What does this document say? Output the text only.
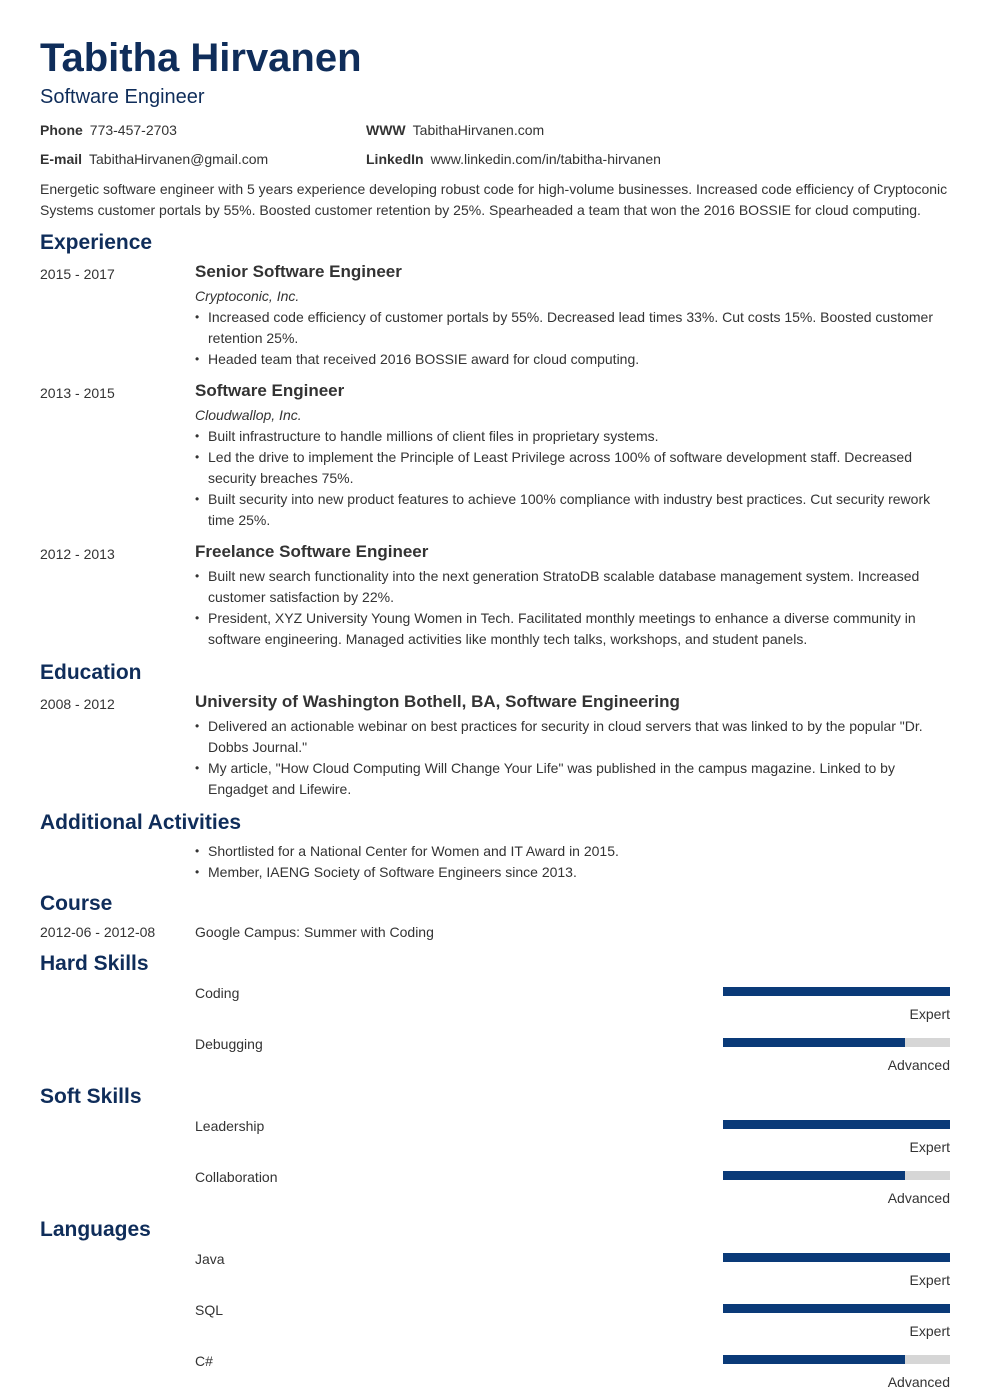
Tabitha Hirvanen
Software Engineer
Phone 773-457-2703	WWW TabithaHirvanen.com
E-mail TabithaHirvanen@gmail.com	LinkedIn www.linkedin.com/in/tabitha-hirvanen
Energetic software engineer with 5 years experience developing robust code for high-volume businesses. Increased code efficiency of Cryptoconic Systems customer portals by 55%. Boosted customer retention by 25%. Spearheaded a team that won the 2016 BOSSIE for cloud computing.
Experience
2015 - 2017	Senior Software Engineer
Cryptoconic, Inc.
• Increased code efficiency of customer portals by 55%. Decreased lead times 33%. Cut costs 15%. Boosted customer retention 25%.
• Headed team that received 2016 BOSSIE award for cloud computing.
2013 - 2015	Software Engineer
Cloudwallop, Inc.
• Built infrastructure to handle millions of client files in proprietary systems.
• Led the drive to implement the Principle of Least Privilege across 100% of software development staff. Decreased security breaches 75%.
• Built security into new product features to achieve 100% compliance with industry best practices. Cut security rework time 25%.
2012 - 2013	Freelance Software Engineer
• Built new search functionality into the next generation StratoDB scalable database management system. Increased customer satisfaction by 22%.
• President, XYZ University Young Women in Tech. Facilitated monthly meetings to enhance a diverse community in software engineering. Managed activities like monthly tech talks, workshops, and student panels.
Education
2008 - 2012	University of Washington Bothell, BA, Software Engineering
• Delivered an actionable webinar on best practices for security in cloud servers that was linked to by the popular "Dr. Dobbs Journal."
• My article, "How Cloud Computing Will Change Your Life" was published in the campus magazine. Linked to by Engadget and Lifewire.
Additional Activities
• Shortlisted for a National Center for Women and IT Award in 2015.
• Member, IAENG Society of Software Engineers since 2013.
Course
2012-06 - 2012-08	Google Campus: Summer with Coding
Hard Skills
Coding
Expert
Debugging
Advanced
Soft Skills
Leadership
Expert
Collaboration
Advanced
Languages
Java
Expert
SQL
Expert
C#
Advanced
